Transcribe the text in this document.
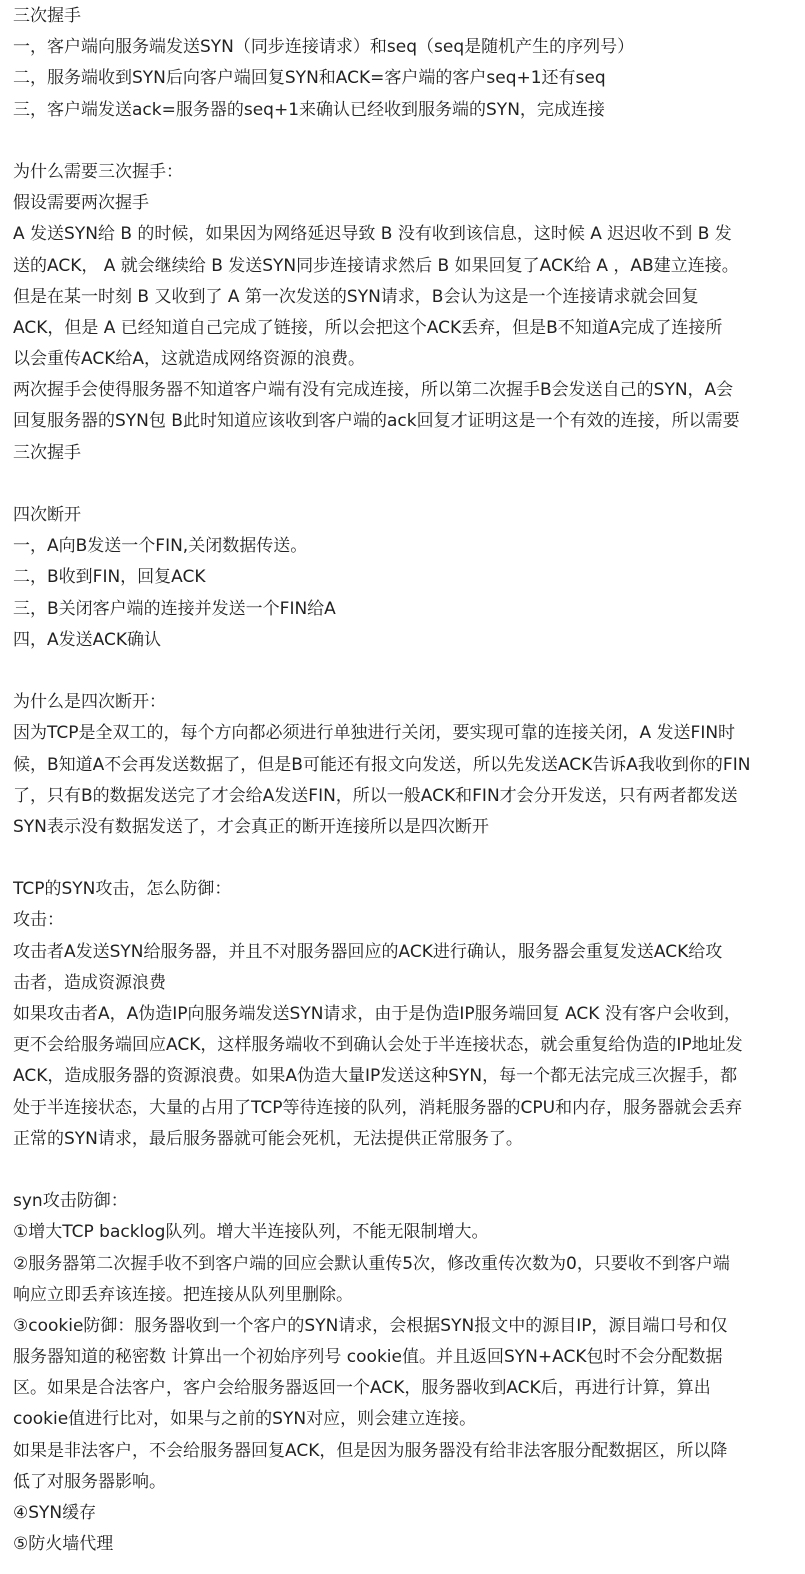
三次握手
一，客户端向服务端发送SYN（同步连接请求）和seq（seq是随机产生的序列号）
二，服务端收到SYN后向客户端回复SYN和ACK=客户端的客户seq+1还有seq
三，客户端发送ack=服务器的seq+1来确认已经收到服务端的SYN，完成连接
为什么需要三次握手：
假设需要两次握手
A 发送SYN给 B 的时候，如果因为网络延迟导致 B 没有收到该信息，这时候 A 迟迟收不到 B 发
送的ACK， A 就会继续给 B 发送SYN同步连接请求然后 B 如果回复了ACK给 A ，AB建立连接。
但是在某一时刻 B 又收到了 A 第一次发送的SYN请求，B会认为这是一个连接请求就会回复
ACK，但是 A 已经知道自己完成了链接，所以会把这个ACK丢弃，但是B不知道A完成了连接所
以会重传ACK给A，这就造成网络资源的浪费。
两次握手会使得服务器不知道客户端有没有完成连接，所以第二次握手B会发送自己的SYN，A会
回复服务器的SYN包 B此时知道应该收到客户端的ack回复才证明这是一个有效的连接，所以需要
三次握手
四次断开
一，A向B发送一个FIN,关闭数据传送。
二，B收到FIN，回复ACK
三，B关闭客户端的连接并发送一个FIN给A
四，A发送ACK确认
为什么是四次断开：
因为TCP是全双工的，每个方向都必须进行单独进行关闭，要实现可靠的连接关闭，A 发送FIN时
候，B知道A不会再发送数据了，但是B可能还有报文向发送，所以先发送ACK告诉A我收到你的FIN
了，只有B的数据发送完了才会给A发送FIN，所以一般ACK和FIN才会分开发送，只有两者都发送
SYN表示没有数据发送了，才会真正的断开连接所以是四次断开
TCP的SYN攻击，怎么防御：
攻击：
攻击者A发送SYN给服务器，并且不对服务器回应的ACK进行确认，服务器会重复发送ACK给攻
击者，造成资源浪费
如果攻击者A，A伪造IP向服务端发送SYN请求，由于是伪造IP服务端回复 ACK 没有客户会收到，
更不会给服务端回应ACK，这样服务端收不到确认会处于半连接状态，就会重复给伪造的IP地址发
ACK，造成服务器的资源浪费。如果A伪造大量IP发送这种SYN，每一个都无法完成三次握手，都
处于半连接状态，大量的占用了TCP等待连接的队列，消耗服务器的CPU和内存，服务器就会丢弃
正常的SYN请求，最后服务器就可能会死机，无法提供正常服务了。
syn攻击防御：
①增大TCP backlog队列。增大半连接队列，不能无限制增大。
②服务器第二次握手收不到客户端的回应会默认重传5次，修改重传次数为0，只要收不到客户端
响应立即丢弃该连接。把连接从队列里删除。
③cookie防御：服务器收到一个客户的SYN请求，会根据SYN报文中的源目IP，源目端口号和仅
服务器知道的秘密数 计算出一个初始序列号 cookie值。并且返回SYN+ACK包时不会分配数据
区。如果是合法客户，客户会给服务器返回一个ACK，服务器收到ACK后，再进行计算，算出
cookie值进行比对，如果与之前的SYN对应，则会建立连接。
如果是非法客户，不会给服务器回复ACK，但是因为服务器没有给非法客服分配数据区，所以降
低了对服务器影响。
④SYN缓存
⑤防火墙代理
